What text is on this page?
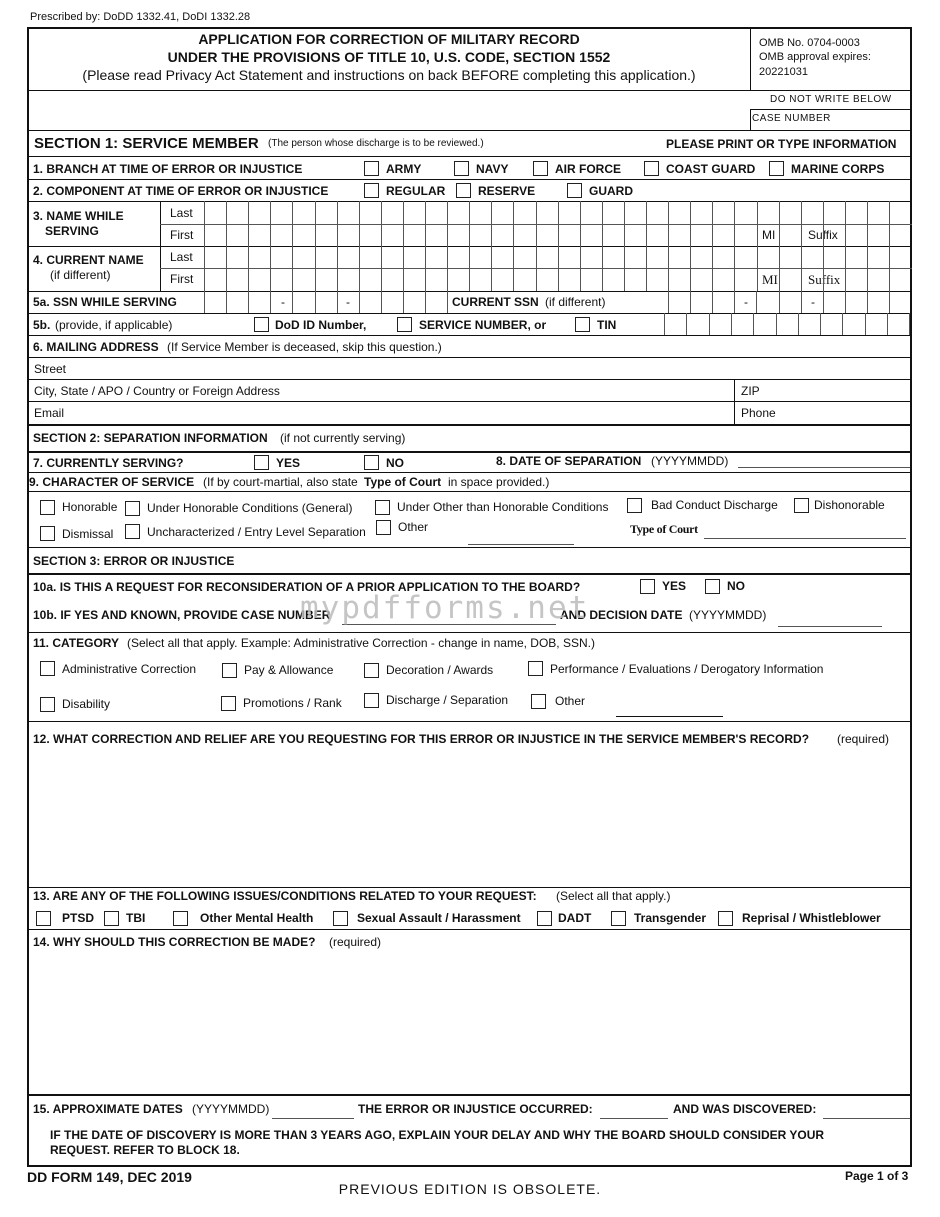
Prescribed by: DoDD 1332.41, DoDI 1332.28
APPLICATION FOR CORRECTION OF MILITARY RECORD
UNDER THE PROVISIONS OF TITLE 10, U.S. CODE, SECTION 1552
(Please read Privacy Act Statement and instructions on back BEFORE completing this application.)
OMB No. 0704-0003
OMB approval expires:
20221031
DO NOT WRITE BELOW
CASE NUMBER
SECTION 1: SERVICE MEMBER (The person whose discharge is to be reviewed.)	PLEASE PRINT OR TYPE INFORMATION
1. BRANCH AT TIME OF ERROR OR INJUSTICE	ARMY	NAVY	AIR FORCE	COAST GUARD	MARINE CORPS
2. COMPONENT AT TIME OF ERROR OR INJUSTICE	REGULAR	RESERVE	GUARD
3. NAME WHILE
SERVING
Last
First	MI	Suffix
4. CURRENT NAME
(if different)
Last
First	MI Suffix
5a. SSN WHILE SERVING	-	-	CURRENT SSN (if different)	-	-
5b. (provide, if applicable)	DoD ID Number,	SERVICE NUMBER, or	TIN
6. MAILING ADDRESS (If Service Member is deceased, skip this question.)
Street
City, State / APO / Country or Foreign Address	ZIP
Email	Phone
SECTION 2: SEPARATION INFORMATION (if not currently serving)
7. CURRENTLY SERVING?	YES	NO	8. DATE OF SEPARATION (YYYYMMDD)
9. CHARACTER OF SERVICE (If by court-martial, also state Type of Court in space provided.)
Honorable Under Honorable Conditions (General)	Under Other than Honorable Conditions	Bad Conduct Discharge	Dishonorable
Dismissal	Uncharacterized / Entry Level Separation	Other	Type of Court
SECTION 3: ERROR OR INJUSTICE
10a. IS THIS A REQUEST FOR RECONSIDERATION OF A PRIOR APPLICATION TO THE BOARD?	YES	NO
10b. IF YES AND KNOWN, PROVIDE CASE NUMBER	AND DECISION DATE (YYYYMMDD)
11. CATEGORY (Select all that apply. Example: Administrative Correction - change in name, DOB, SSN.)
Administrative Correction	Pay & Allowance	Decoration / Awards	Performance / Evaluations / Derogatory Information
Disability	Promotions / Rank	Discharge / Separation	Other
12. WHAT CORRECTION AND RELIEF ARE YOU REQUESTING FOR THIS ERROR OR INJUSTICE IN THE SERVICE MEMBER'S RECORD? (required)
13. ARE ANY OF THE FOLLOWING ISSUES/CONDITIONS RELATED TO YOUR REQUEST: (Select all that apply.)
PTSD	TBI	Other Mental Health	Sexual Assault / Harassment	DADT	Transgender	Reprisal / Whistleblower
14. WHY SHOULD THIS CORRECTION BE MADE? (required)
15. APPROXIMATE DATES (YYYYMMDD)	THE ERROR OR INJUSTICE OCCURRED:	AND WAS DISCOVERED:
IF THE DATE OF DISCOVERY IS MORE THAN 3 YEARS AGO, EXPLAIN YOUR DELAY AND WHY THE BOARD SHOULD CONSIDER YOUR
REQUEST. REFER TO BLOCK 18.
DD FORM 149, DEC 2019	Page 1 of 3
PREVIOUS EDITION IS OBSOLETE.
mypdfforms.net
